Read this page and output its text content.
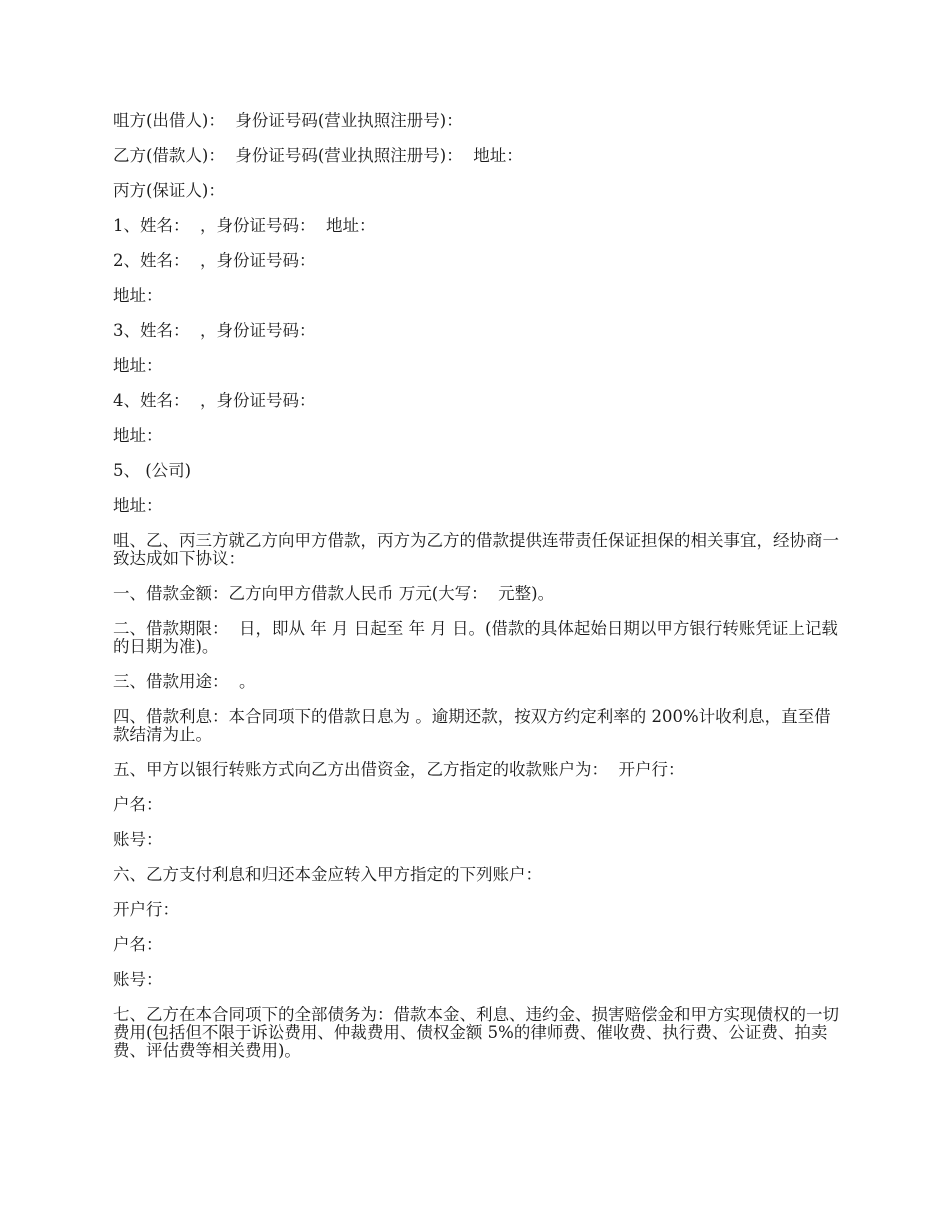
咀方(出借人)：  身份证号码(营业执照注册号)：

乙方(借款人)：  身份证号码(营业执照注册号)：  地址：

丙方(保证人)：

1、姓名：  ，身份证号码：  地址：

2、姓名：  ，身份证号码：

地址：

3、姓名：  ，身份证号码：

地址：

4、姓名：  ，身份证号码：

地址：

5、 (公司)

地址：

咀、乙、丙三方就乙方向甲方借款，丙方为乙方的借款提供连带责任保证担保的相关事宜，经协商一致达成如下协议：

一、借款金额：乙方向甲方借款人民币 万元(大写：  元整)。

二、借款期限：  日，即从 年 月 日起至 年 月 日。(借款的具体起始日期以甲方银行转账凭证上记载的日期为准)。

三、借款用途：  。

四、借款利息：本合同项下的借款日息为 。逾期还款，按双方约定利率的 200%计收利息，直至借款结清为止。

五、甲方以银行转账方式向乙方出借资金，乙方指定的收款账户为：  开户行：

户名：

账号：

六、乙方支付利息和归还本金应转入甲方指定的下列账户：

开户行：

户名：

账号：

七、乙方在本合同项下的全部债务为：借款本金、利息、违约金、损害赔偿金和甲方实现债权的一切费用(包括但不限于诉讼费用、仲裁费用、债权金额 5%的律师费、催收费、执行费、公证费、拍卖费、评估费等相关费用)。
